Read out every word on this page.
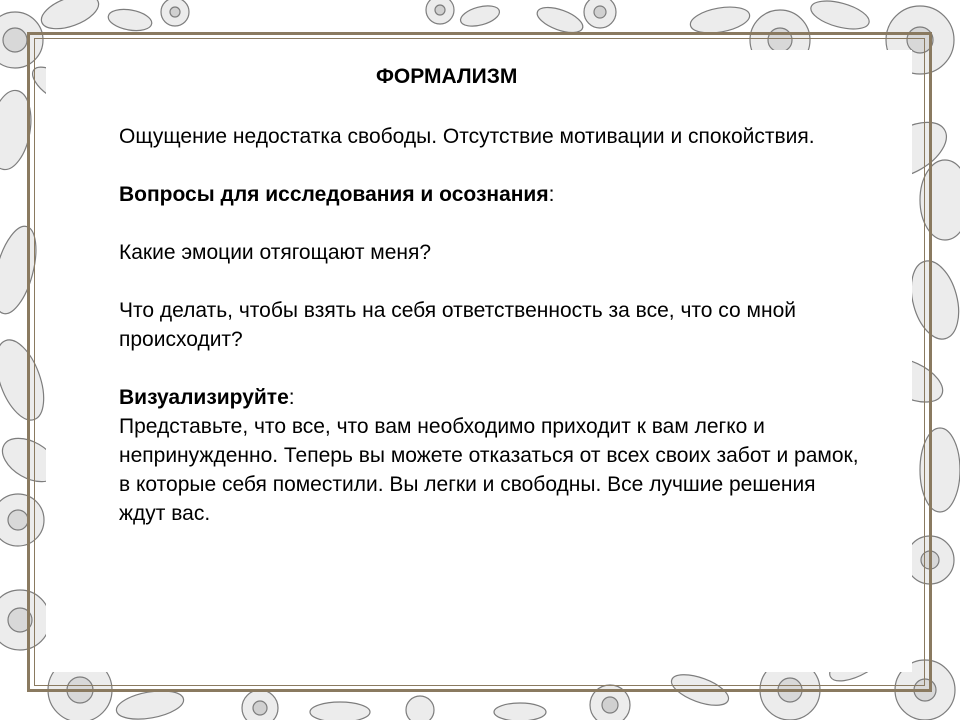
ФОРМАЛИЗМ

Ощущение недостатка свободы. Отсутствие мотивации и спокойствия.

Вопросы для исследования и осознания:

Какие эмоции отягощают меня?

Что делать, чтобы взять на себя ответственность за все, что со мной происходит?

Визуализируйте:

Представьте, что все, что вам необходимо приходит к вам легко и непринужденно. Теперь вы можете отказаться от всех своих забот и рамок, в которые себя поместили. Вы легки и свободны. Все лучшие решения ждут вас.
